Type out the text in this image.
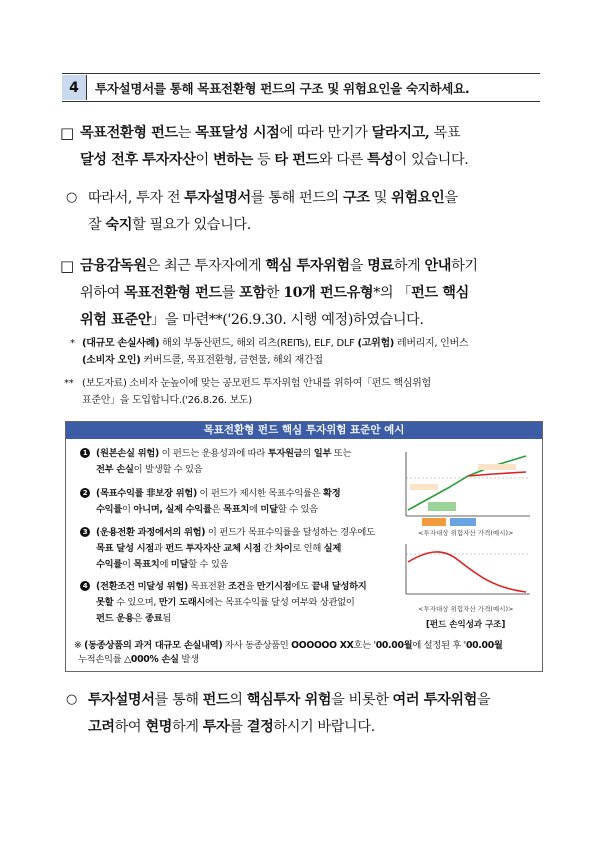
4	투자설명서를 통해 목표전환형 펀드의 구조 및 위험요인을 숙지하세요.
□ 목표전환형 펀드는 목표달성 시점에 따라 만기가 달라지고, 목표
달성 전후 투자자산이 변하는 등 타 펀드와 다른 특성이 있습니다.
○ 따라서, 투자 전 투자설명서를 통해 펀드의 구조 및 위험요인을
잘 숙지할 필요가 있습니다.
□ 금융감독원은 최근 투자자에게 핵심 투자위험을 명료하게 안내하기
위하여 목표전환형 펀드를 포함한 10개 펀드유형*의 「펀드 핵심
위험 표준안」을 마련**('26.9.30. 시행 예정)하였습니다.
* (대규모 손실사례) 해외 부동산펀드, 해외 리츠(REITs), ELF, DLF (고위험) 레버리지, 인버스
(소비자 오인) 커버드콜, 목표전환형, 금현물, 해외 재간접
** (보도자료) 소비자 눈높이에 맞는 공모펀드 투자위험 안내를 위하여「펀드 핵심위험
표준안」을 도입합니다.('26.8.26. 보도)
목표전환형 펀드 핵심 투자위험 표준안 예시
1 (원본손실 위험) 이 펀드는 운용성과에 따라 투자원금의 일부 또는
전부 손실이 발생할 수 있음
2 (목표수익률 非보장 위험) 이 펀드가 제시한 목표수익률은 확정
수익률이 아니며, 실제 수익률은 목표치에 미달할 수 있음
3 (운용전환 과정에서의 위험) 이 펀드가 목표수익률을 달성하는 경우에도
목표 달성 시점과 펀드 투자자산 교체 시점 간 차이로 인해 실제
수익률이 목표치에 미달할 수 있음
4 (전환조건 미달성 위험) 목표전환 조건을 만기시점에도 끝내 달성하지
못할 수 있으며, 만기 도래시에는 목표수익률 달성 여부와 상관없이
펀드 운용은 종료됨
<투자대상 위험자산 가격(예시)>
<투자대상 위험자산 가격(예시)>
[펀드 손익성과 구조]
※ (동종상품의 과거 대규모 손실내역) 자사 동종상품인 OOOOOO XX호는 '00.00월에 설정된 후 '00.00월
누적손익률 △000% 손실 발생
○ 투자설명서를 통해 펀드의 핵심투자 위험을 비롯한 여러 투자위험을
고려하여 현명하게 투자를 결정하시기 바랍니다.
